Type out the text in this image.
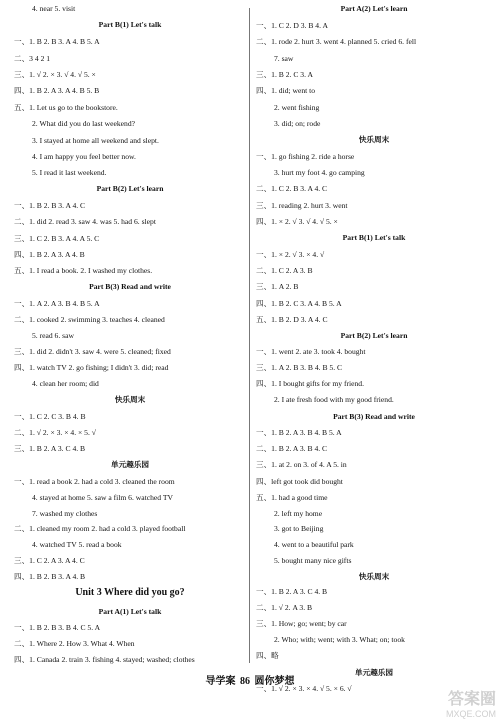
4. near 5. visit
Part B(1) Let's talk
一、1. B 2. B 3. A 4. B 5. A
二、3 4 2 1
三、1. √ 2. × 3. √ 4. √ 5. ×
四、1. B 2. A 3. A 4. B 5. B
五、1. Let us go to the bookstore.
2. What did you do last weekend?
3. I stayed at home all weekend and slept.
4. I am happy you feel better now.
5. I read it last weekend.
Part B(2) Let's learn
一、1. B 2. B 3. A 4. C
二、1. did 2. read 3. saw 4. was 5. had 6. slept
三、1. C 2. B 3. A 4. A 5. C
四、1. B 2. A 3. A 4. B
五、1. I read a book. 2. I washed my clothes.
Part B(3) Read and write
一、1. A 2. A 3. B 4. B 5. A
二、1. cooked 2. swimming 3. teaches 4. cleaned
5. read 6. saw
三、1. did 2. didn't 3. saw 4. were 5. cleaned; fixed
四、1. watch TV 2. go fishing; I didn't 3. did; read
4. clean her room; did
快乐周末
一、1. C 2. C 3. B 4. B
二、1. √ 2. × 3. × 4. × 5. √
三、1. B 2. A 3. C 4. B
单元趣乐园
一、1. read a book 2. had a cold 3. cleaned the room
4. stayed at home 5. saw a film 6. watched TV
7. washed my clothes
二、1. cleaned my room 2. had a cold 3. played football
4. watched TV 5. read a book
三、1. C 2. A 3. A 4. C
四、1. B 2. B 3. A 4. B
Unit 3 Where did you go?
Part A(1) Let's talk
一、1. B 2. B 3. B 4. C 5. A
二、1. Where 2. How 3. What 4. When
四、1. Canada 2. train 3. fishing 4. stayed; washed; clothes
Part A(2) Let's learn
一、1. C 2. D 3. B 4. A
二、1. rode 2. hurt 3. went 4. planned 5. cried 6. fell
7. saw
三、1. B 2. C 3. A
四、1. did; went to
2. went fishing
3. did; on; rode
快乐周末
一、1. go fishing 2. ride a horse
3. hurt my foot 4. go camping
二、1. C 2. B 3. A 4. C
三、1. reading 2. hurt 3. went
四、1. × 2. √ 3. √ 4. √ 5. ×
Part B(1) Let's talk
一、1. × 2. √ 3. × 4. √
二、1. C 2. A 3. B
三、1. A 2. B
四、1. B 2. C 3. A 4. B 5. A
五、1. B 2. D 3. A 4. C
Part B(2) Let's learn
一、1. went 2. ate 3. took 4. bought
三、1. A 2. B 3. B 4. B 5. C
四、1. I bought gifts for my friend.
2. I ate fresh food with my good friend.
Part B(3) Read and write
一、1. B 2. A 3. B 4. B 5. A
二、1. B 2. A 3. B 4. C
三、1. at 2. on 3. of 4. A 5. in
四、left got took did bought
五、1. had a good time
2. left my home
3. got to Beijing
4. went to a beautiful park
5. bought many nice gifts
快乐周末
一、1. B 2. A 3. C 4. B
二、1. √ 2. A 3. B
三、1. How; go; went; by car
2. Who; with; went; with 3. What; on; took
四、略
单元趣乐园
一、1. √ 2. × 3. × 4. √ 5. × 6. √
导学案 86 圆你梦想
答案圈
MXQE.COM
